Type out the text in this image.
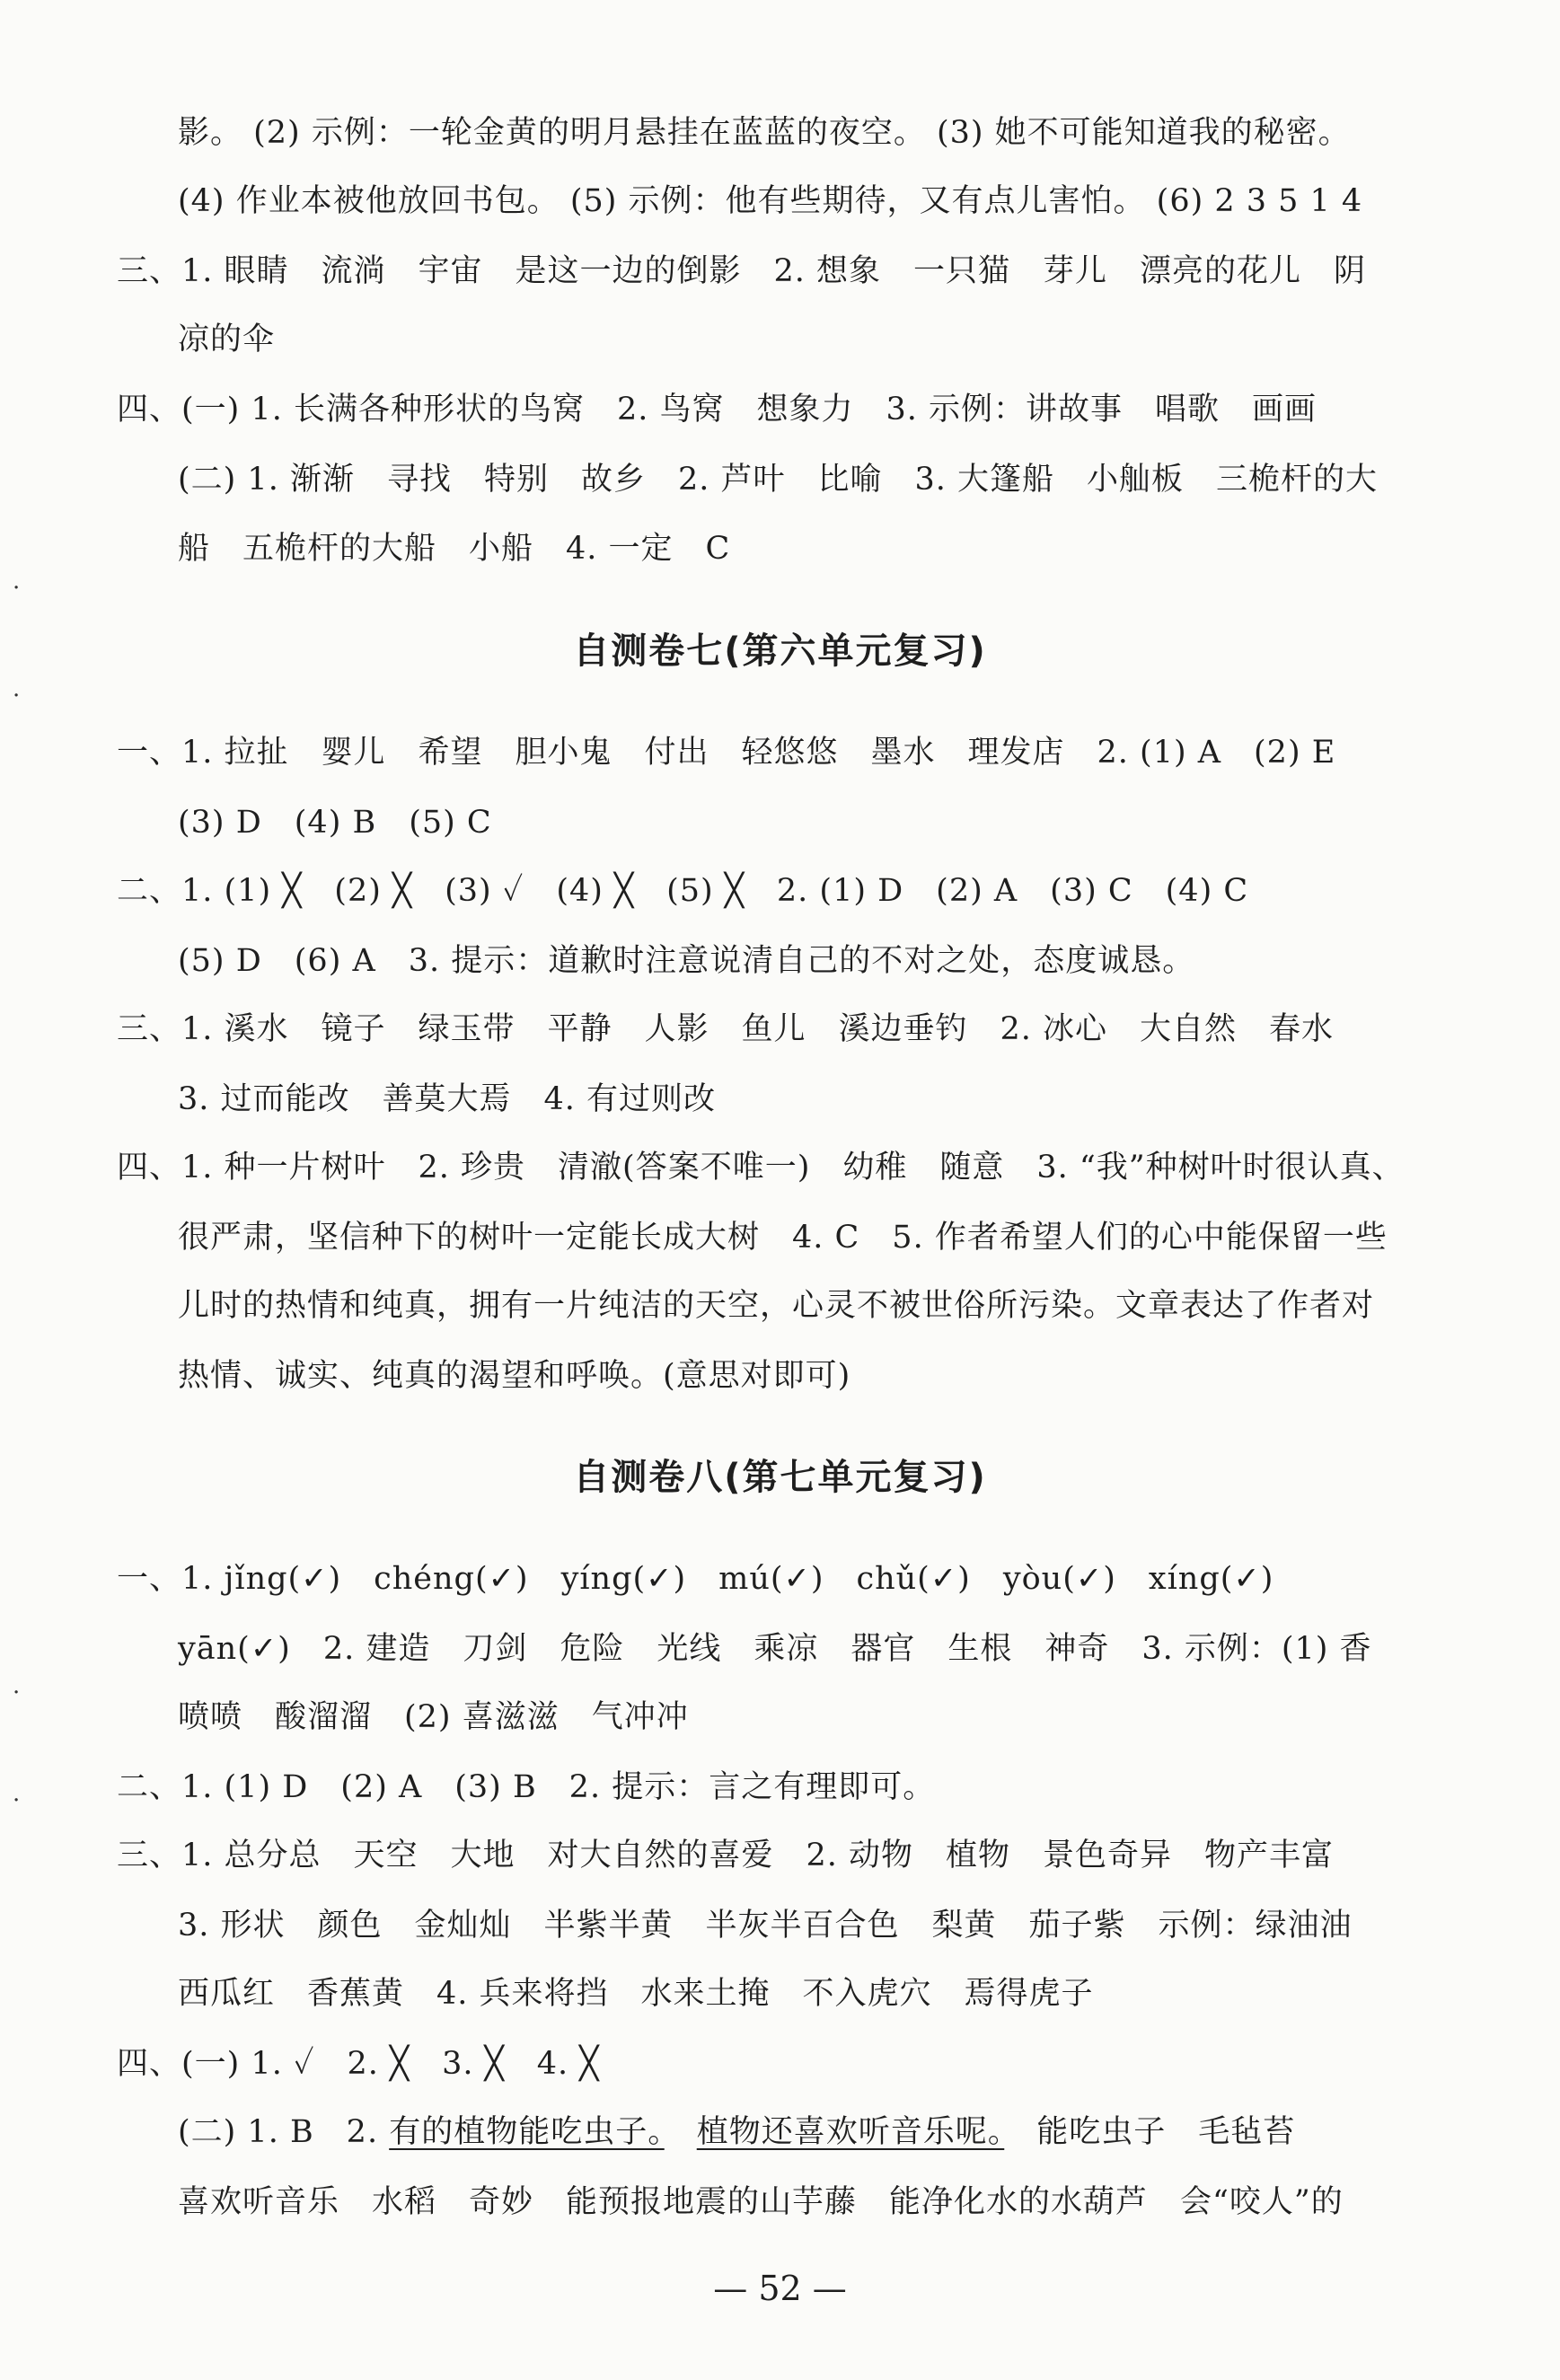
影。 (2) 示例：一轮金黄的明月悬挂在蓝蓝的夜空。 (3) 她不可能知道我的秘密。
(4) 作业本被他放回书包。 (5) 示例：他有些期待，又有点儿害怕。 (6) 2 3 5 1 4
三、1. 眼睛　流淌　宇宙　是这一边的倒影　2. 想象　一只猫　芽儿　漂亮的花儿　阴
凉的伞
四、(一) 1. 长满各种形状的鸟窝　2. 鸟窝　想象力　3. 示例：讲故事　唱歌　画画
(二) 1. 渐渐　寻找　特别　故乡　2. 芦叶　比喻　3. 大篷船　小舢板　三桅杆的大
船　五桅杆的大船　小船　4. 一定　C
自测卷七(第六单元复习)
一、1. 拉扯　婴儿　希望　胆小鬼　付出　轻悠悠　墨水　理发店　2. (1) A　(2) E
(3) D　(4) B　(5) C
二、1. (1) ╳　(2) ╳　(3) ✓　(4) ╳　(5) ╳　2. (1) D　(2) A　(3) C　(4) C
(5) D　(6) A　3. 提示：道歉时注意说清自己的不对之处，态度诚恳。
三、1. 溪水　镜子　绿玉带　平静　人影　鱼儿　溪边垂钓　2. 冰心　大自然　春水
3. 过而能改　善莫大焉　4. 有过则改
四、1. 种一片树叶　2. 珍贵　清澈(答案不唯一)　幼稚　随意　3. “我”种树叶时很认真、
很严肃，坚信种下的树叶一定能长成大树　4. C　5. 作者希望人们的心中能保留一些
儿时的热情和纯真，拥有一片纯洁的天空，心灵不被世俗所污染。文章表达了作者对
热情、诚实、纯真的渴望和呼唤。(意思对即可)
自测卷八(第七单元复习)
一、1. jǐng(✓)　chéng(✓)　yíng(✓)　mú(✓)　chǔ(✓)　yòu(✓)　xíng(✓)
yān(✓)　2. 建造　刀剑　危险　光线　乘凉　器官　生根　神奇　3. 示例：(1) 香
喷喷　酸溜溜　(2) 喜滋滋　气冲冲
二、1. (1) D　(2) A　(3) B　2. 提示：言之有理即可。
三、1. 总分总　天空　大地　对大自然的喜爱　2. 动物　植物　景色奇异　物产丰富
3. 形状　颜色　金灿灿　半紫半黄　半灰半百合色　梨黄　茄子紫　示例：绿油油
西瓜红　香蕉黄　4. 兵来将挡　水来土掩　不入虎穴　焉得虎子
四、(一) 1. ✓　2. ╳　3. ╳　4. ╳
(二) 1. B　2. 有的植物能吃虫子。　 植物还喜欢听音乐呢。　能吃虫子　毛毡苔
喜欢听音乐　水稻　奇妙　能预报地震的山芋藤　能净化水的水葫芦　会“咬人”的
— 52 —
·
·
·
·
